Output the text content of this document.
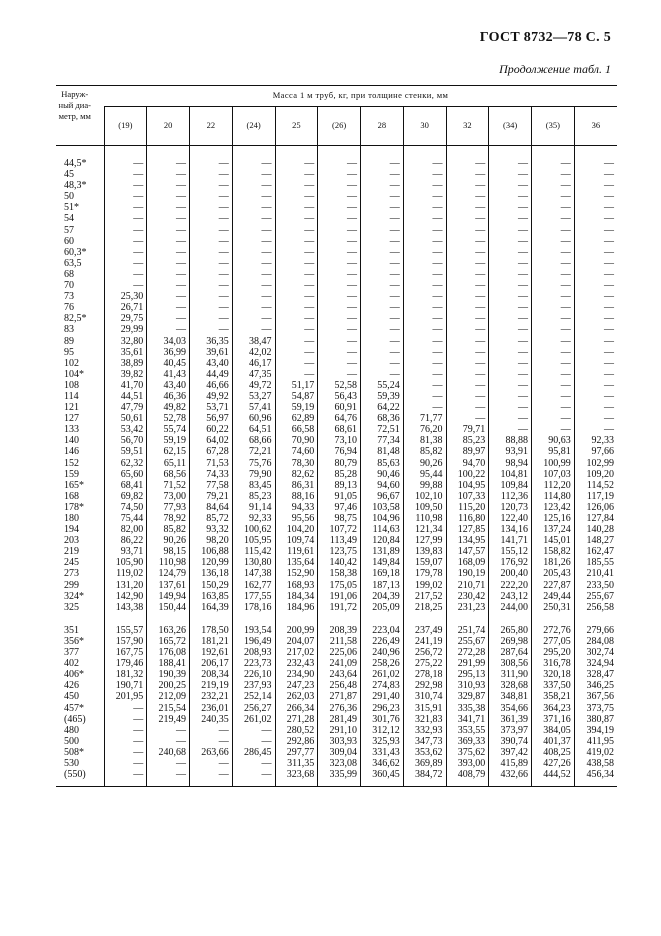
ГОСТ 8732—78 С. 5
Продолжение табл. 1
Наружный диаметр, мм	Масса 1 м труб, кг, при толщине стенки, мм											
	(19)	20	22	(24)	25	(26)	28	30	32	(34)	(35)	36

44,5*	—	—	—	—	—	—	—	—	—	—	—	—
45	—	—	—	—	—	—	—	—	—	—	—	—
48,3*	—	—	—	—	—	—	—	—	—	—	—	—
50	—	—	—	—	—	—	—	—	—	—	—	—
51*	—	—	—	—	—	—	—	—	—	—	—	—
54	—	—	—	—	—	—	—	—	—	—	—	—
57	—	—	—	—	—	—	—	—	—	—	—	—
60	—	—	—	—	—	—	—	—	—	—	—	—
60,3*	—	—	—	—	—	—	—	—	—	—	—	—
63,5	—	—	—	—	—	—	—	—	—	—	—	—
68	—	—	—	—	—	—	—	—	—	—	—	—
70	—	—	—	—	—	—	—	—	—	—	—	—
73	25,30	—	—	—	—	—	—	—	—	—	—	—
76	26,71	—	—	—	—	—	—	—	—	—	—	—
82,5*	29,75	—	—	—	—	—	—	—	—	—	—	—
83	29,99	—	—	—	—	—	—	—	—	—	—	—
89	32,80	34,03	36,35	38,47	—	—	—	—	—	—	—	—
95	35,61	36,99	39,61	42,02	—	—	—	—	—	—	—	—
102	38,89	40,45	43,40	46,17	—	—	—	—	—	—	—	—
104*	39,82	41,43	44,49	47,35	—	—	—	—	—	—	—	—
108	41,70	43,40	46,66	49,72	51,17	52,58	55,24	—	—	—	—	—
114	44,51	46,36	49,92	53,27	54,87	56,43	59,39	—	—	—	—	—
121	47,79	49,82	53,71	57,41	59,19	60,91	64,22	—	—	—	—	—
127	50,61	52,78	56,97	60,96	62,89	64,76	68,36	71,77	—	—	—	—
133	53,42	55,74	60,22	64,51	66,58	68,61	72,51	76,20	79,71	—	—	—
140	56,70	59,19	64,02	68,66	70,90	73,10	77,34	81,38	85,23	88,88	90,63	92,33
146	59,51	62,15	67,28	72,21	74,60	76,94	81,48	85,82	89,97	93,91	95,81	97,66
152	62,32	65,11	71,53	75,76	78,30	80,79	85,63	90,26	94,70	98,94	100,99	102,99
159	65,60	68,56	74,33	79,90	82,62	85,28	90,46	95,44	100,22	104,81	107,03	109,20
165*	68,41	71,52	77,58	83,45	86,31	89,13	94,60	99,88	104,95	109,84	112,20	114,52
168	69,82	73,00	79,21	85,23	88,16	91,05	96,67	102,10	107,33	112,36	114,80	117,19
178*	74,50	77,93	84,64	91,14	94,33	97,46	103,58	109,50	115,20	120,73	123,42	126,06
180	75,44	78,92	85,72	92,33	95,56	98,75	104,96	110,98	116,80	122,40	125,16	127,84
194	82,00	85,82	93,32	100,62	104,20	107,72	114,63	121,34	127,85	134,16	137,24	140,28
203	86,22	90,26	98,20	105,95	109,74	113,49	120,84	127,99	134,95	141,71	145,01	148,27
219	93,71	98,15	106,88	115,42	119,61	123,75	131,89	139,83	147,57	155,12	158,82	162,47
245	105,90	110,98	120,99	130,80	135,64	140,42	149,84	159,07	168,09	176,92	181,26	185,55
273	119,02	124,79	136,18	147,38	152,90	158,38	169,18	179,78	190,19	200,40	205,43	210,41
299	131,20	137,61	150,29	162,77	168,93	175,05	187,13	199,02	210,71	222,20	227,87	233,50
324*	142,90	149,94	163,85	177,55	184,34	191,06	204,39	217,52	230,42	243,12	249,44	255,67
325	143,38	150,44	164,39	178,16	184,96	191,72	205,09	218,25	231,23	244,00	250,31	256,58

351	155,57	163,26	178,50	193,54	200,99	208,39	223,04	237,49	251,74	265,80	272,76	279,66
356*	157,90	165,72	181,21	196,49	204,07	211,58	226,49	241,19	255,67	269,98	277,05	284,08
377	167,75	176,08	192,61	208,93	217,02	225,06	240,96	256,72	272,28	287,64	295,20	302,74
402	179,46	188,41	206,17	223,73	232,43	241,09	258,26	275,22	291,99	308,56	316,78	324,94
406*	181,32	190,39	208,34	226,10	234,90	243,64	261,02	278,18	295,13	311,90	320,18	328,47
426	190,71	200,25	219,19	237,93	247,23	256,48	274,83	292,98	310,93	328,68	337,50	346,25
450	201,95	212,09	232,21	252,14	262,03	271,87	291,40	310,74	329,87	348,81	358,21	367,56
457*	—	215,54	236,01	256,27	266,34	276,36	296,23	315,91	335,38	354,66	364,23	373,75
(465)	—	219,49	240,35	261,02	271,28	281,49	301,76	321,83	341,71	361,39	371,16	380,87
480	—	—	—	—	280,52	291,10	312,12	332,93	353,55	373,97	384,05	394,19
500	—	—	—	—	292,86	303,93	325,93	347,73	369,33	390,74	401,37	411,95
508*	—	240,68	263,66	286,45	297,77	309,04	331,43	353,62	375,62	397,42	408,25	419,02
530	—	—	—	—	311,35	323,08	346,62	369,89	393,00	415,89	427,26	438,58
(550)	—	—	—	—	323,68	335,99	360,45	384,72	408,79	432,66	444,52	456,34
